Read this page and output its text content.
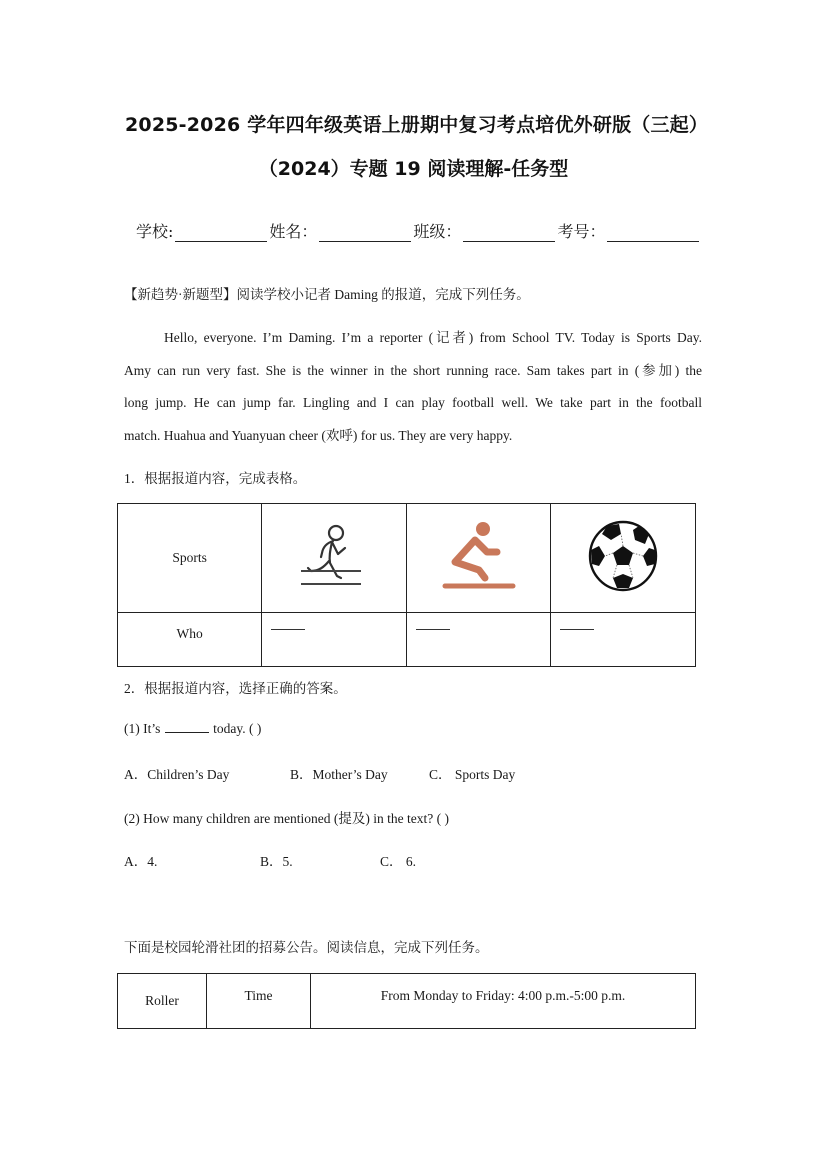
2025-2026 学年四年级英语上册期中复习考点培优外研版（三起）
（2024）专题 19 阅读理解-任务型
学校:	姓名：	班级：	考号：
【新趋势·新题型】阅读学校小记者 Daming 的报道，完成下列任务。
Hello, everyone. I’m Daming. I’m a reporter (记者) from School TV. Today is Sports Day.
Amy can run very fast. She is the winner in the short running race. Sam takes part in (参加) the
long jump. He can jump far. Lingling and I can play football well. We take part in the football
match. Huahua and Yuanyuan cheer (欢呼) for us. They are very happy.
1．根据报道内容，完成表格。
Sports			
Who	

2．根据报道内容，选择正确的答案。
(1) It’s	today. ( )
A．Children’s Day	B．Mother’s Day	C． Sports Day
(2) How many children are mentioned (提及) in the text? ( )
A．4.	B．5.	C． 6.
下面是校园轮滑社团的招募公告。阅读信息，完成下列任务。
Roller	Time	From Monday to Friday: 4:00 p.m.-5:00 p.m.
